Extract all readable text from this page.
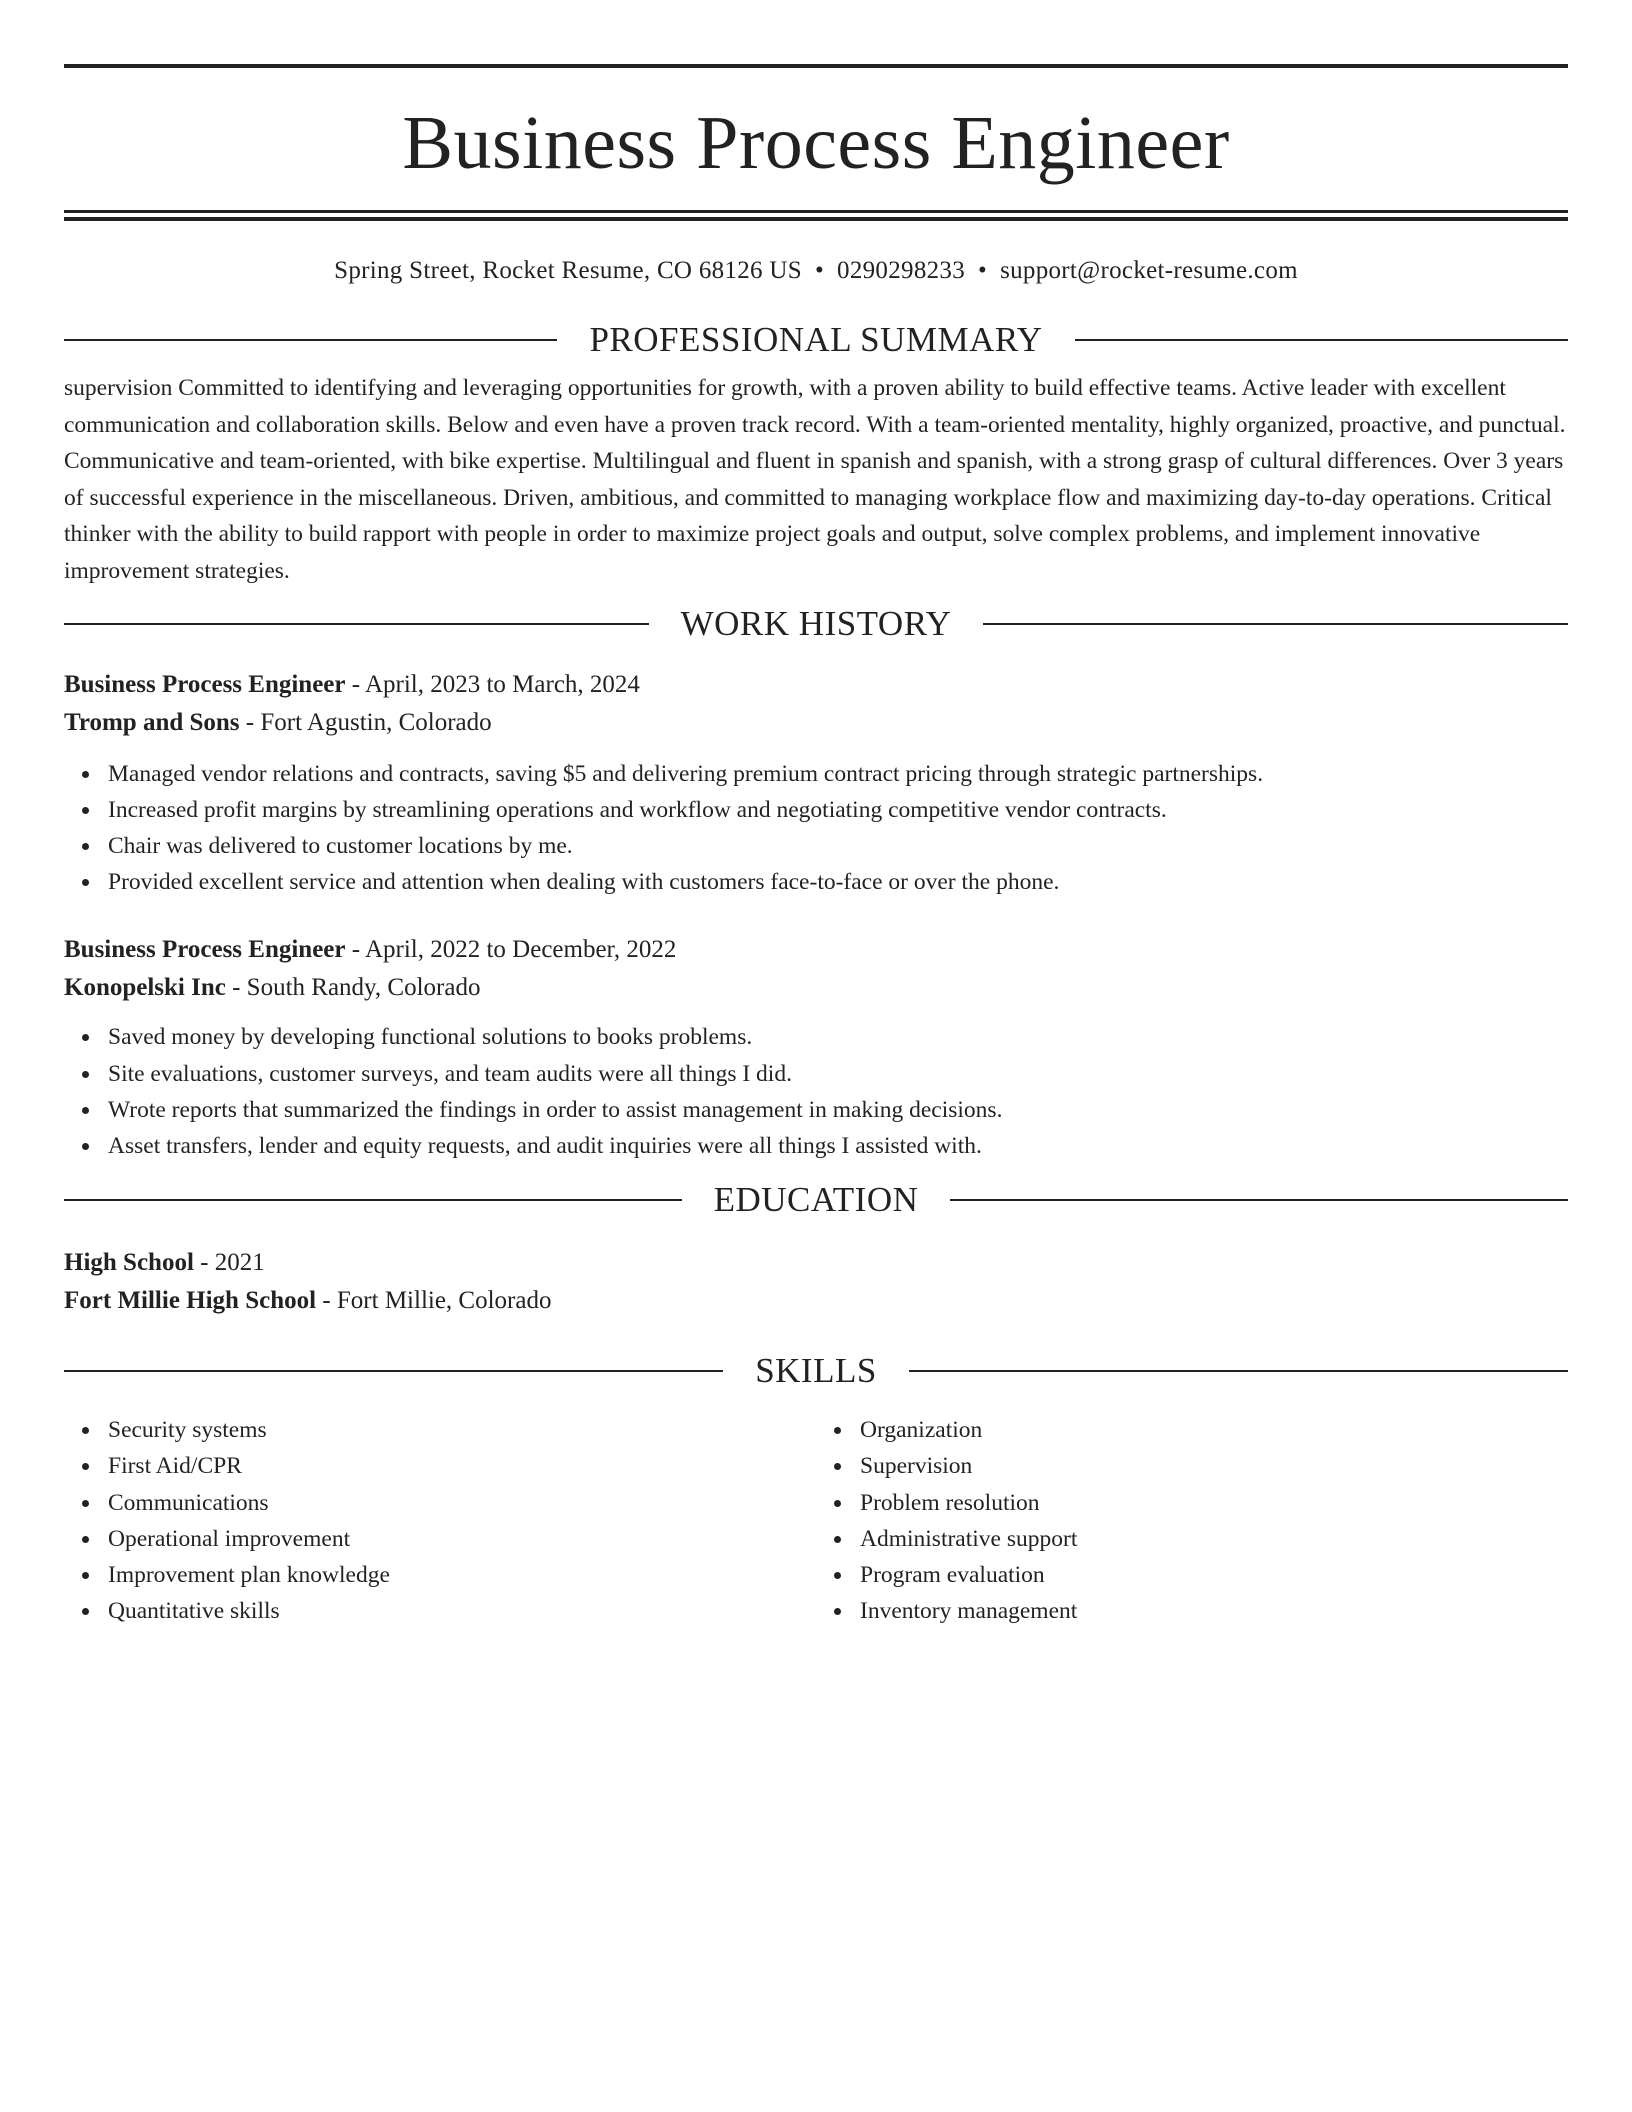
Business Process Engineer
Spring Street, Rocket Resume, CO 68126 US • 0290298233 • support@rocket-resume.com
PROFESSIONAL SUMMARY

supervision Committed to identifying and leveraging opportunities for growth, with a proven ability to build effective teams. Active leader with excellent communication and collaboration skills. Below and even have a proven track record. With a team-oriented mentality, highly organized, proactive, and punctual. Communicative and team-oriented, with bike expertise. Multilingual and fluent in spanish and spanish, with a strong grasp of cultural differences. Over 3 years of successful experience in the miscellaneous. Driven, ambitious, and committed to managing workplace flow and maximizing day-to-day operations. Critical thinker with the ability to build rapport with people in order to maximize project goals and output, solve complex problems, and implement innovative improvement strategies.

WORK HISTORY
Business Process Engineer - April, 2023 to March, 2024
Tromp and Sons - Fort Agustin, Colorado
Managed vendor relations and contracts, saving $5 and delivering premium contract pricing through strategic partnerships.
Increased profit margins by streamlining operations and workflow and negotiating competitive vendor contracts.
Chair was delivered to customer locations by me.
Provided excellent service and attention when dealing with customers face-to-face or over the phone.
Business Process Engineer - April, 2022 to December, 2022
Konopelski Inc - South Randy, Colorado
Saved money by developing functional solutions to books problems.
Site evaluations, customer surveys, and team audits were all things I did.
Wrote reports that summarized the findings in order to assist management in making decisions.
Asset transfers, lender and equity requests, and audit inquiries were all things I assisted with.
EDUCATION
High School - 2021
Fort Millie High School - Fort Millie, Colorado
SKILLS
Security systems
First Aid/CPR
Communications
Operational improvement
Improvement plan knowledge
Quantitative skills
Organization
Supervision
Problem resolution
Administrative support
Program evaluation
Inventory management
